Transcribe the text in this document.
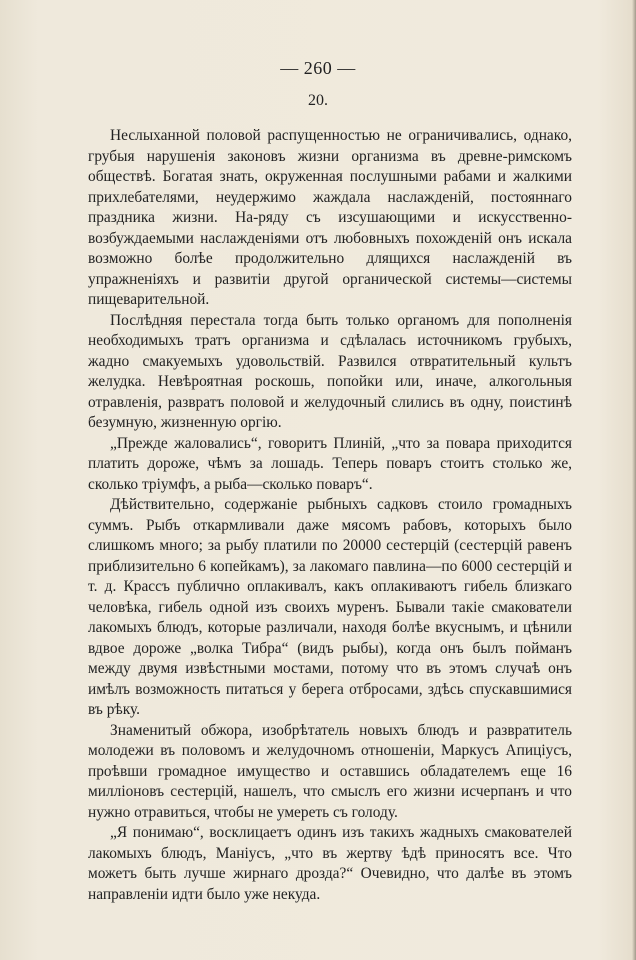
— 260 —
20.

Неслыханной половой распущенностью не ограничивались, однако, грубыя нарушенія законовъ жизни организма въ древне-римскомъ обществѣ. Богатая знать, окруженная послушными рабами и жалкими прихлебателями, неудержимо жаждала наслажденій, постояннаго праздника жизни. На-ряду съ изсушающими и искусственно-возбуждаемыми наслажденіями отъ любовныхъ похожденій онъ искала возможно болѣе продолжительно длящихся наслажденій въ упражненіяхъ и развитіи другой органической системы—системы пищеварительной.

Послѣдняя перестала тогда быть только органомъ для пополненія необходимыхъ тратъ организма и сдѣлалась источникомъ грубыхъ, жадно смакуемыхъ удовольствій. Развился отвратительный культъ желудка. Невѣроятная роскошь, попойки или, иначе, алкогольныя отравленія, развратъ половой и желудочный слились въ одну, поистинѣ безумную, жизненную оргію.

„Прежде жаловались“, говоритъ Плиній, „что за повара приходится платить дороже, чѣмъ за лошадь. Теперь поваръ стоитъ столько же, сколько тріумфъ, а рыба—сколько поваръ“.

Дѣйствительно, содержаніе рыбныхъ садковъ стоило громадныхъ суммъ. Рыбъ откармливали даже мясомъ рабовъ, которыхъ было слишкомъ много; за рыбу платили по 20000 сестерцій (сестерцій равенъ приблизительно 6 копейкамъ), за лакомаго павлина—по 6000 сестерцій и т. д. Крассъ публично оплакивалъ, какъ оплакиваютъ гибель близкаго человѣка, гибель одной изъ своихъ муренъ. Бывали такіе смакователи лакомыхъ блюдъ, которые различали, находя болѣе вкуснымъ, и цѣнили вдвое дороже „волка Тибра“ (видъ рыбы), когда онъ былъ пойманъ между двумя извѣстными мостами, потому что въ этомъ случаѣ онъ имѣлъ возможность питаться у берега отбросами, здѣсь спускавшимися въ рѣку.

Знаменитый обжора, изобрѣтатель новыхъ блюдъ и развратитель молодежи въ половомъ и желудочномъ отношеніи, Маркусъ Апиціусъ, проѣвши громадное имущество и оставшись обладателемъ еще 16 милліоновъ сестерцій, нашелъ, что смыслъ его жизни исчерпанъ и что нужно отравиться, чтобы не умереть съ голоду.

„Я понимаю“, восклицаетъ одинъ изъ такихъ жадныхъ смакователей лакомыхъ блюдъ, Маніусъ, „что въ жертву ѣдѣ приносятъ все. Что можетъ быть лучше жирнаго дрозда?“ Очевидно, что далѣе въ этомъ направленіи идти было уже некуда.
